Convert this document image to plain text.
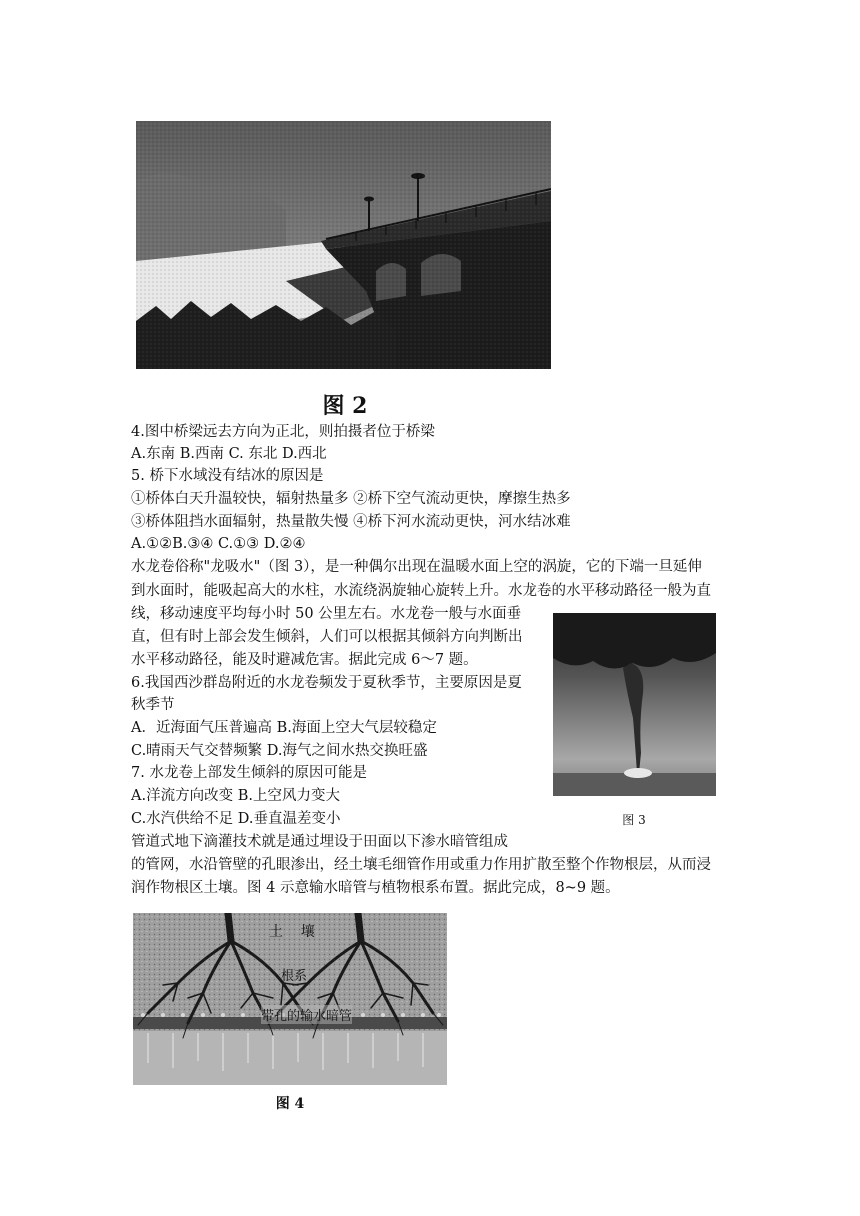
图 2
4.图中桥梁远去方向为正北，则拍摄者位于桥梁
A.东南 B.西南 C. 东北 D.西北
5. 桥下水域没有结冰的原因是
①桥体白天升温较快，辐射热量多 ②桥下空气流动更快，摩擦生热多
③桥体阻挡水面辐射，热量散失慢 ④桥下河水流动更快，河水结冰难
A.①②B.③④ C.①③ D.②④
水龙卷俗称"龙吸水"（图 3），是一种偶尔出现在温暖水面上空的涡旋，它的下端一旦延伸
到水面时，能吸起高大的水柱，水流绕涡旋轴心旋转上升。水龙卷的水平移动路径一般为直
线，移动速度平均每小时 50 公里左右。水龙卷一般与水面垂
直，但有时上部会发生倾斜，人们可以根据其倾斜方向判断出
水平移动路径，能及时避减危害。据此完成 6～7 题。
6.我国西沙群岛附近的水龙卷频发于夏秋季节，主要原因是夏
秋季节
A．近海面气压普遍高 B.海面上空大气层较稳定
C.晴雨天气交替频繁 D.海气之间水热交换旺盛
7. 水龙卷上部发生倾斜的原因可能是
A.洋流方向改变 B.上空风力变大
C.水汽供给不足 D.垂直温差变小	图 3
管道式地下滴灌技术就是通过埋设于田面以下渗水暗管组成
的管网，水沿管壁的孔眼渗出，经土壤毛细管作用或重力作用扩散至整个作物根层，从而浸
润作物根区土壤。图 4 示意输水暗管与植物根系布置。据此完成，8~9 题。
土    壤
根系
带孔的输水暗管
图 4
